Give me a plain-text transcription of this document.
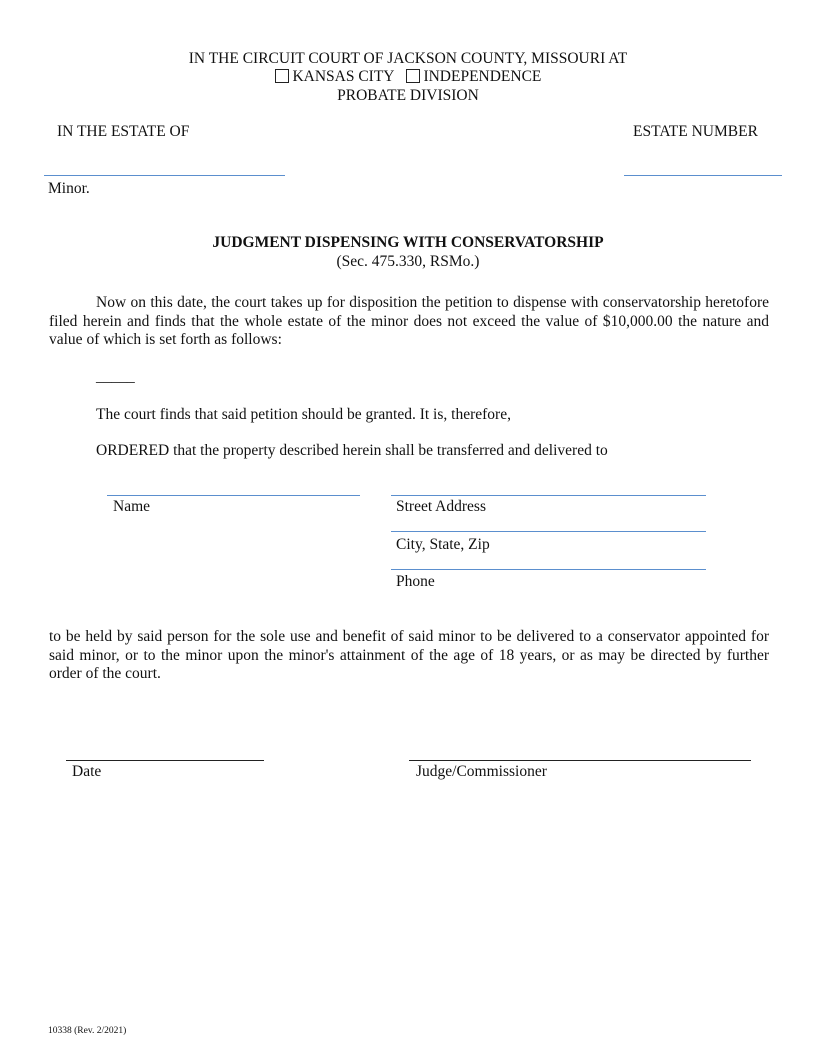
IN THE CIRCUIT COURT OF JACKSON COUNTY, MISSOURI AT
KANSAS CITY INDEPENDENCE
PROBATE DIVISION
IN THE ESTATE OF	ESTATE NUMBER
Minor.
JUDGMENT DISPENSING WITH CONSERVATORSHIP
(Sec. 475.330, RSMo.)
Now on this date, the court takes up for disposition the petition to dispense with conservatorship heretofore filed herein and finds that the whole estate of the minor does not exceed the value of $10,000.00 the nature and value of which is set forth as follows:
_____
The court finds that said petition should be granted. It is, therefore,
ORDERED that the property described herein shall be transferred and delivered to
Name	Street Address
City, State, Zip
Phone
to be held by said person for the sole use and benefit of said minor to be delivered to a conservator appointed for said minor, or to the minor upon the minor's attainment of the age of 18 years, or as may be directed by further order of the court.
Date	Judge/Commissioner
10338 (Rev. 2/2021)
